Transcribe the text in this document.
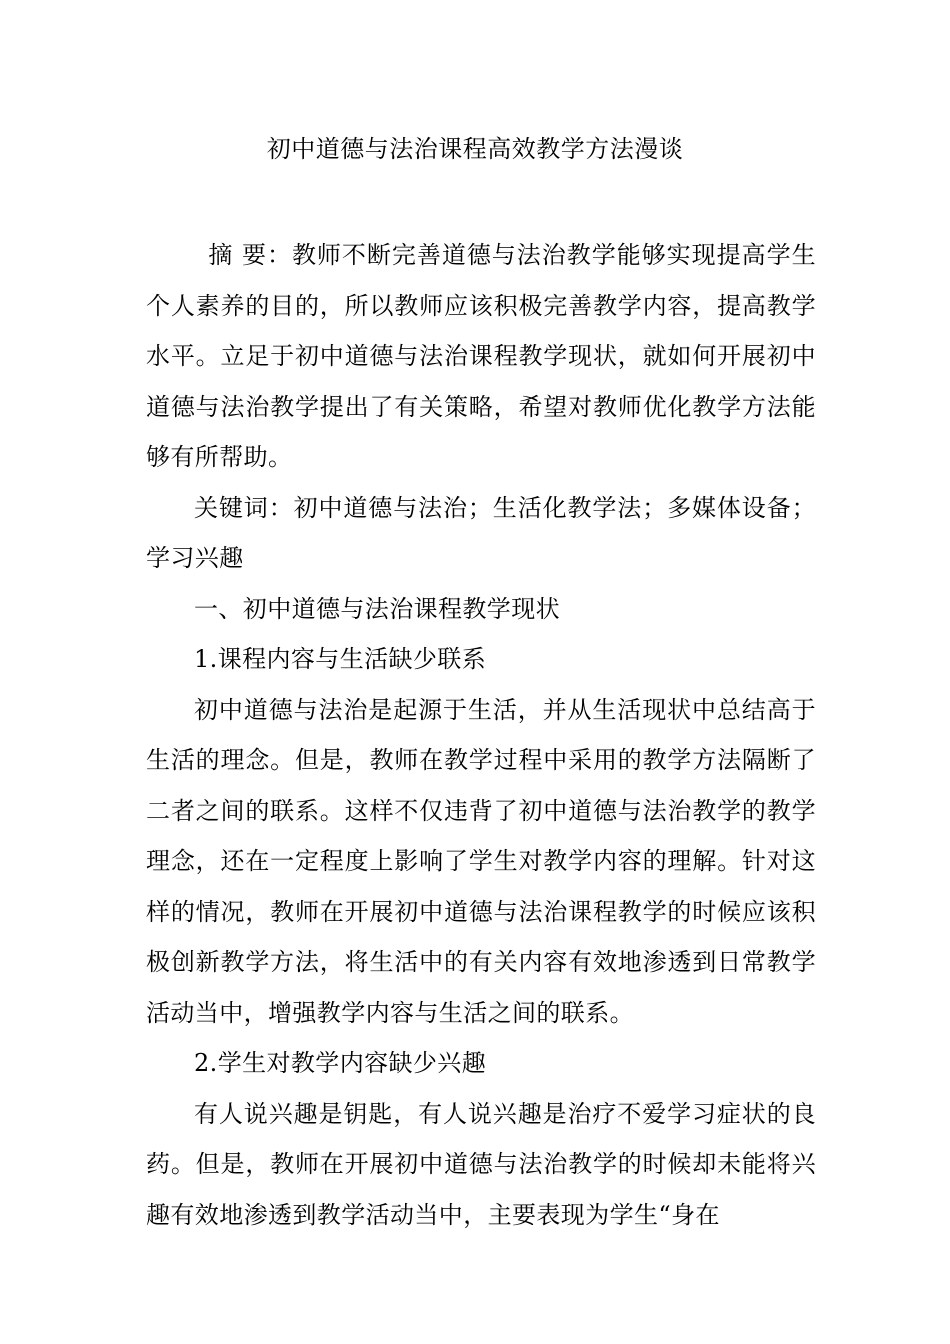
初中道德与法治课程高效教学方法漫谈

摘 要：教师不断完善道德与法治教学能够实现提高学生个人素养的目的，所以教师应该积极完善教学内容，提高教学水平。立足于初中道德与法治课程教学现状，就如何开展初中道德与法治教学提出了有关策略，希望对教师优化教学方法能够有所帮助。

关键词：初中道德与法治；生活化教学法；多媒体设备；学习兴趣

一、初中道德与法治课程教学现状

1.课程内容与生活缺少联系

初中道德与法治是起源于生活，并从生活现状中总结高于生活的理念。但是，教师在教学过程中采用的教学方法隔断了二者之间的联系。这样不仅违背了初中道德与法治教学的教学理念，还在一定程度上影响了学生对教学内容的理解。针对这样的情况，教师在开展初中道德与法治课程教学的时候应该积极创新教学方法，将生活中的有关内容有效地渗透到日常教学活动当中，增强教学内容与生活之间的联系。

2.学生对教学内容缺少兴趣

有人说兴趣是钥匙，有人说兴趣是治疗不爱学习症状的良药。但是，教师在开展初中道德与法治教学的时候却未能将兴趣有效地渗透到教学活动当中，主要表现为学生“身在
